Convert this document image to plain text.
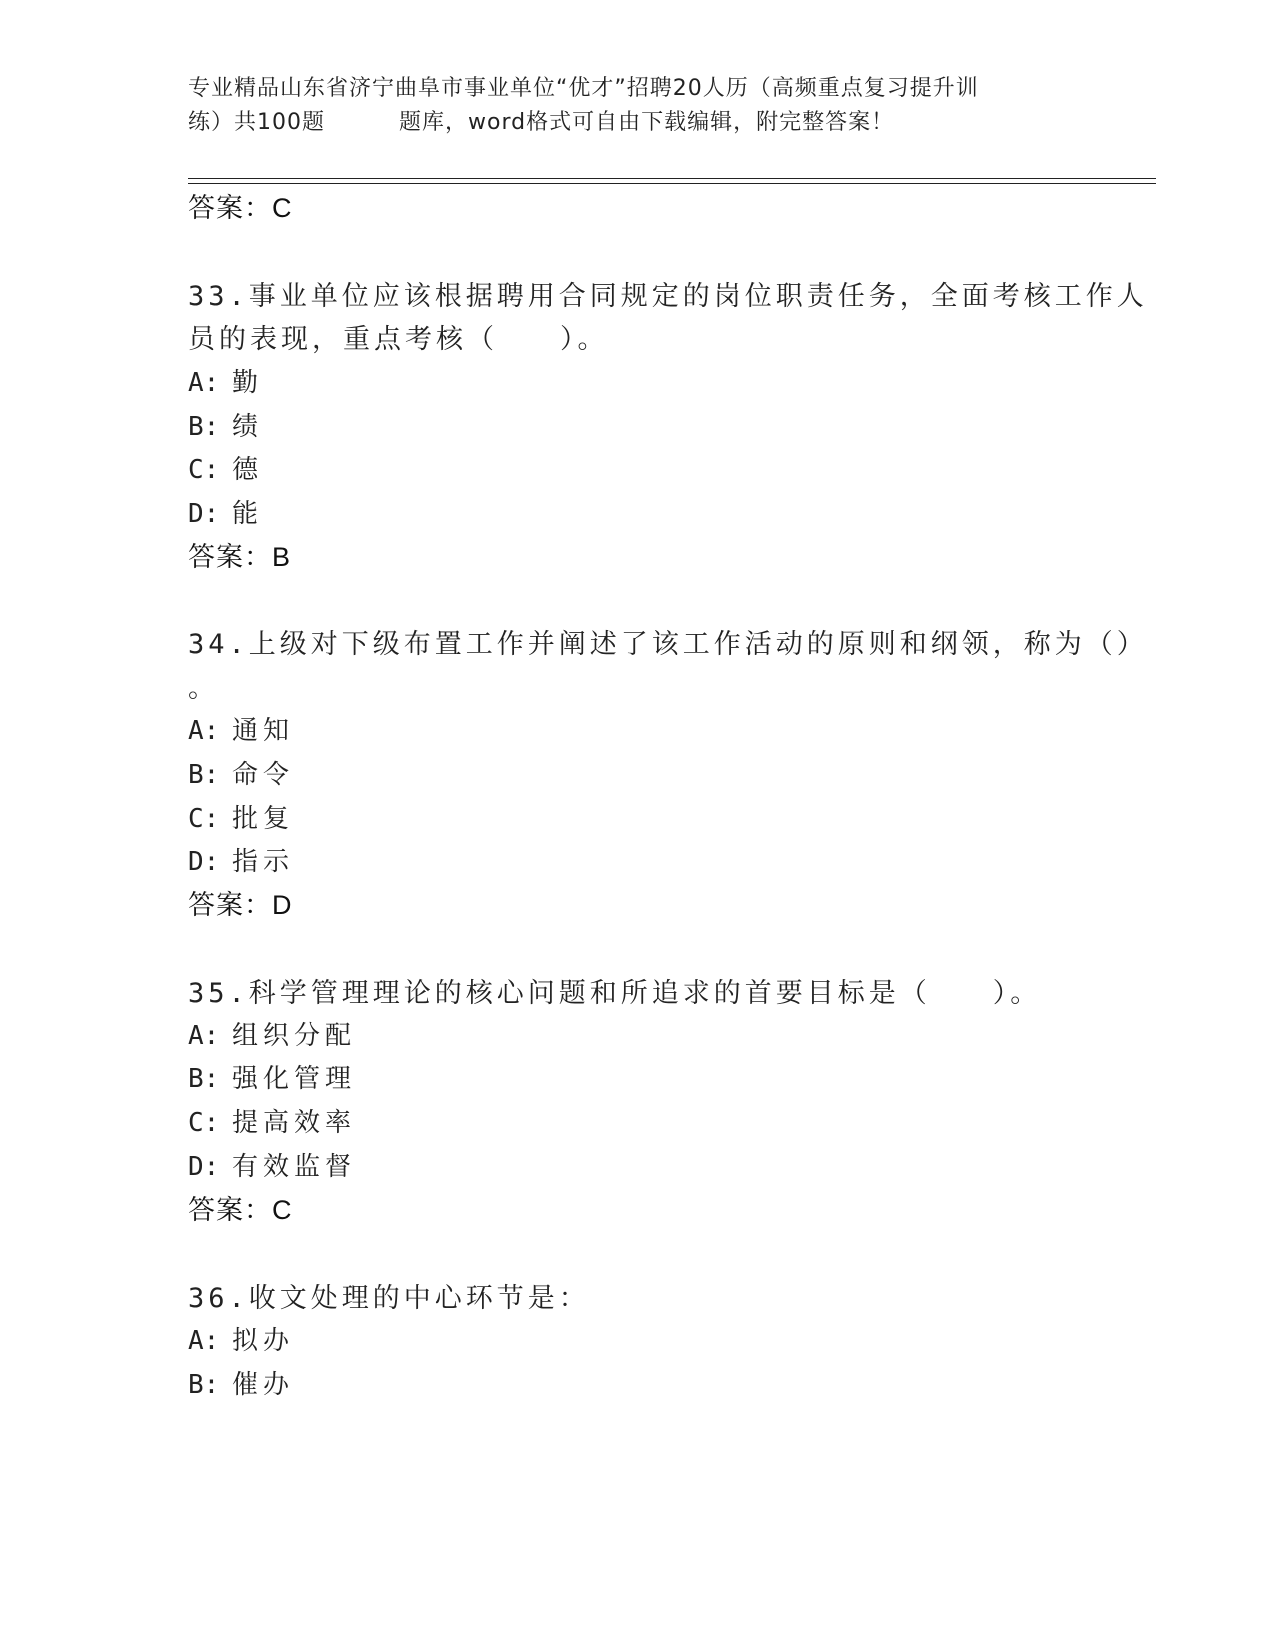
专业精品山东省济宁曲阜市事业单位“优才”招聘20人历（高频重点复习提升训
练）共100题	题库，word格式可自由下载编辑，附完整答案！
答案：C
33.事业单位应该根据聘用合同规定的岗位职责任务，全面考核工作人
员的表现，重点考核（　　）。
A: 勤
B: 绩
C: 德
D: 能
答案：B
34.上级对下级布置工作并阐述了该工作活动的原则和纲领，称为（）
。
A: 通知
B: 命令
C: 批复
D: 指示
答案：D
35.科学管理理论的核心问题和所追求的首要目标是（　　）。
A: 组织分配
B: 强化管理
C: 提高效率
D: 有效监督
答案：C
36.收文处理的中心环节是：
A: 拟办
B: 催办
